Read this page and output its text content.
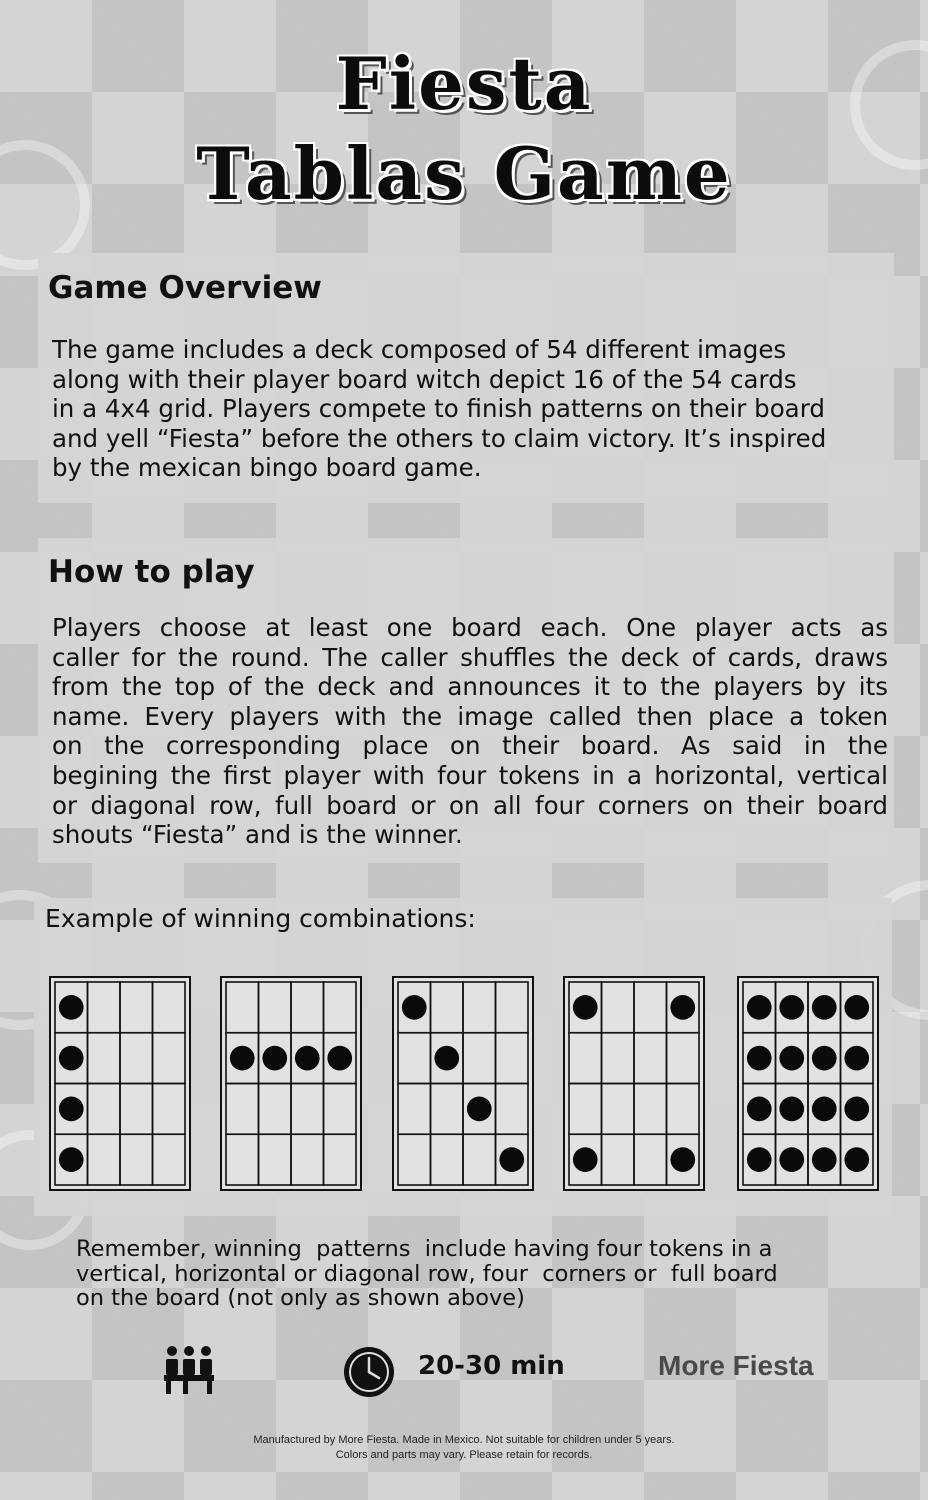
Fiesta
Tablas Game
Game Overview

The game includes a deck composed of 54 different images
along with their player board witch depict 16 of the 54 cards
in a 4x4 grid. Players compete to finish patterns on their board
and yell “Fiesta” before the others to claim victory. It’s inspired
by the mexican bingo board game.

How to play

Players choose at least one board each. One player acts as
caller for the round. The caller shuffles the deck of cards, draws
from the top of the deck and announces it to the players by its
name. Every players with the image called then place a token
on the corresponding place on their board. As said in the
begining the first player with four tokens in a horizontal, vertical
or diagonal row, full board or on all four corners on their board
shouts “Fiesta” and is the winner.

Example of winning combinations:

Remember, winning  patterns  include having four tokens in a
vertical, horizontal or diagonal row, four  corners or  full board
on the board (not only as shown above)

20-30 min	More Fiesta
Manufactured by More Fiesta. Made in Mexico. Not suitable for children under 5 years.
Colors and parts may vary. Please retain for records.
